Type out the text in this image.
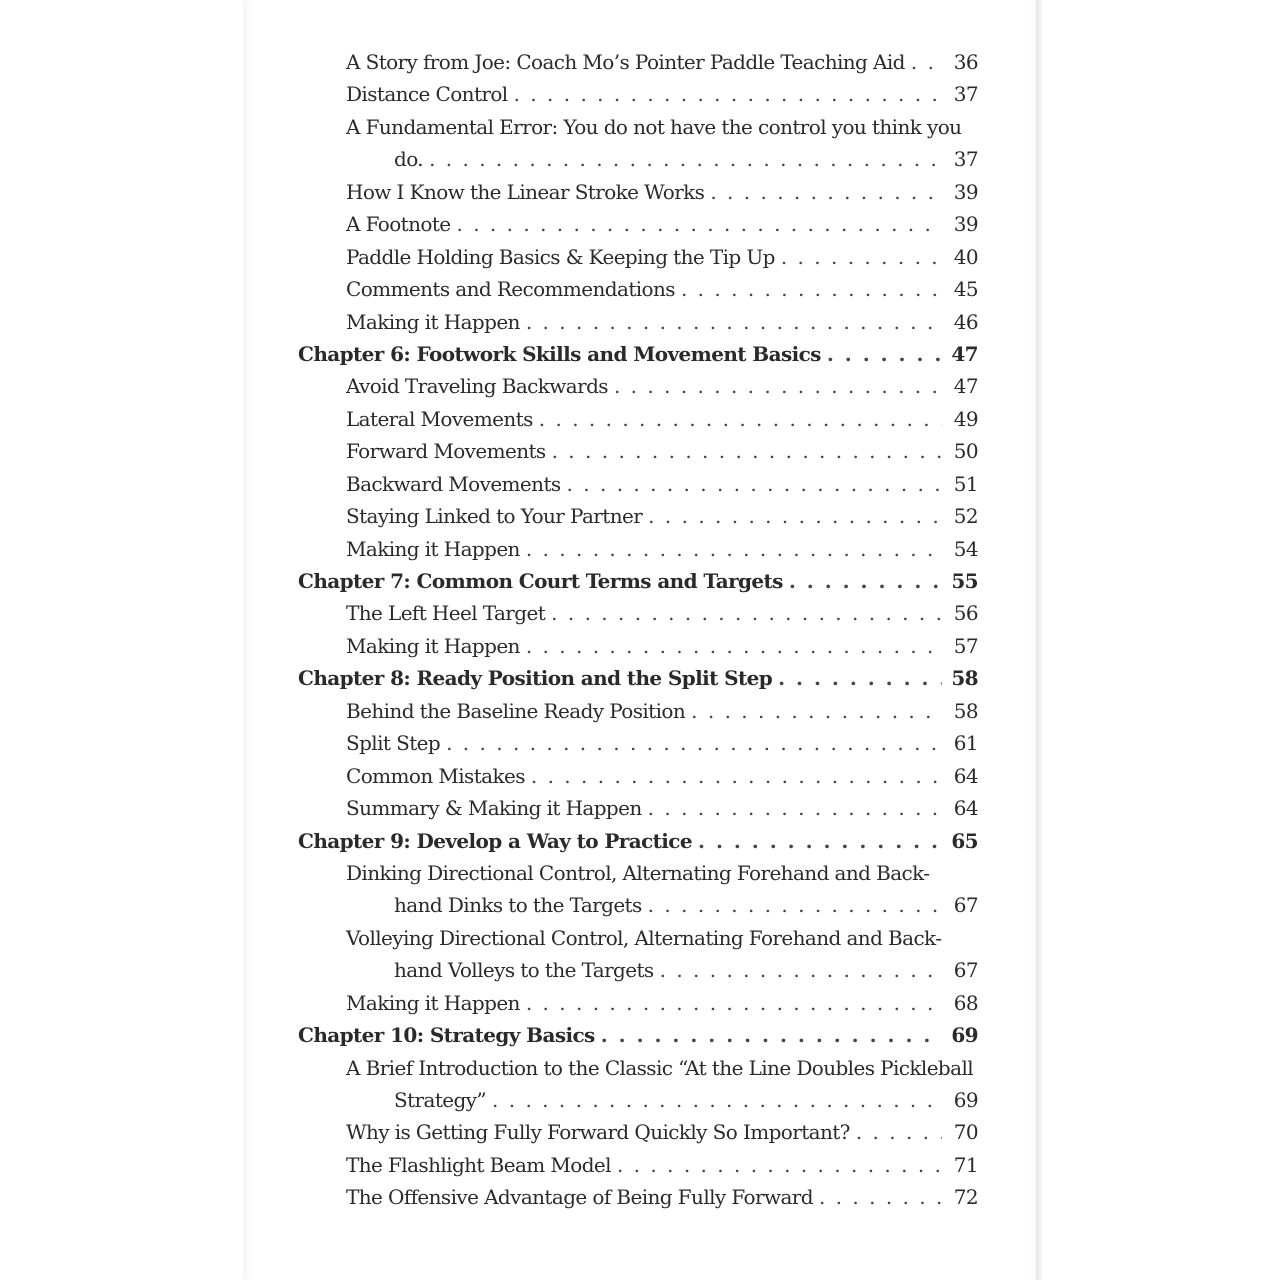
A Story from Joe: Coach Mo’s Pointer Paddle Teaching Aid . . . 36
Distance Control . . .	37
A Fundamental Error: You do not have the control you think you
do. . . .	37
How I Know the Linear Stroke Works . . .	39
A Footnote . . .	39
Paddle Holding Basics & Keeping the Tip Up . . .	40
Comments and Recommendations . . .	45
Making it Happen . . .	46
Chapter 6: Footwork Skills and Movement Basics . . .	47
Avoid Traveling Backwards . . .	47
Lateral Movements . . .	49
Forward Movements . . .	50
Backward Movements . . .	51
Staying Linked to Your Partner . . .	52
Making it Happen . . .	54
Chapter 7: Common Court Terms and Targets . . .	55
The Left Heel Target . . .	56
Making it Happen . . .	57
Chapter 8: Ready Position and the Split Step . . .	58
Behind the Baseline Ready Position . . .	58
Split Step . . .	61
Common Mistakes . . .	64
Summary & Making it Happen . . .	64
Chapter 9: Develop a Way to Practice . . .	65
Dinking Directional Control, Alternating Forehand and Back-
hand Dinks to the Targets . . .	67
Volleying Directional Control, Alternating Forehand and Back-
hand Volleys to the Targets . . .	67
Making it Happen . . .	68
Chapter 10: Strategy Basics . . .	69
A Brief Introduction to the Classic “At the Line Doubles Pickleball
Strategy” . . .	69
Why is Getting Fully Forward Quickly So Important? . . .	70
The Flashlight Beam Model . . .	71
The Offensive Advantage of Being Fully Forward . . .	72
